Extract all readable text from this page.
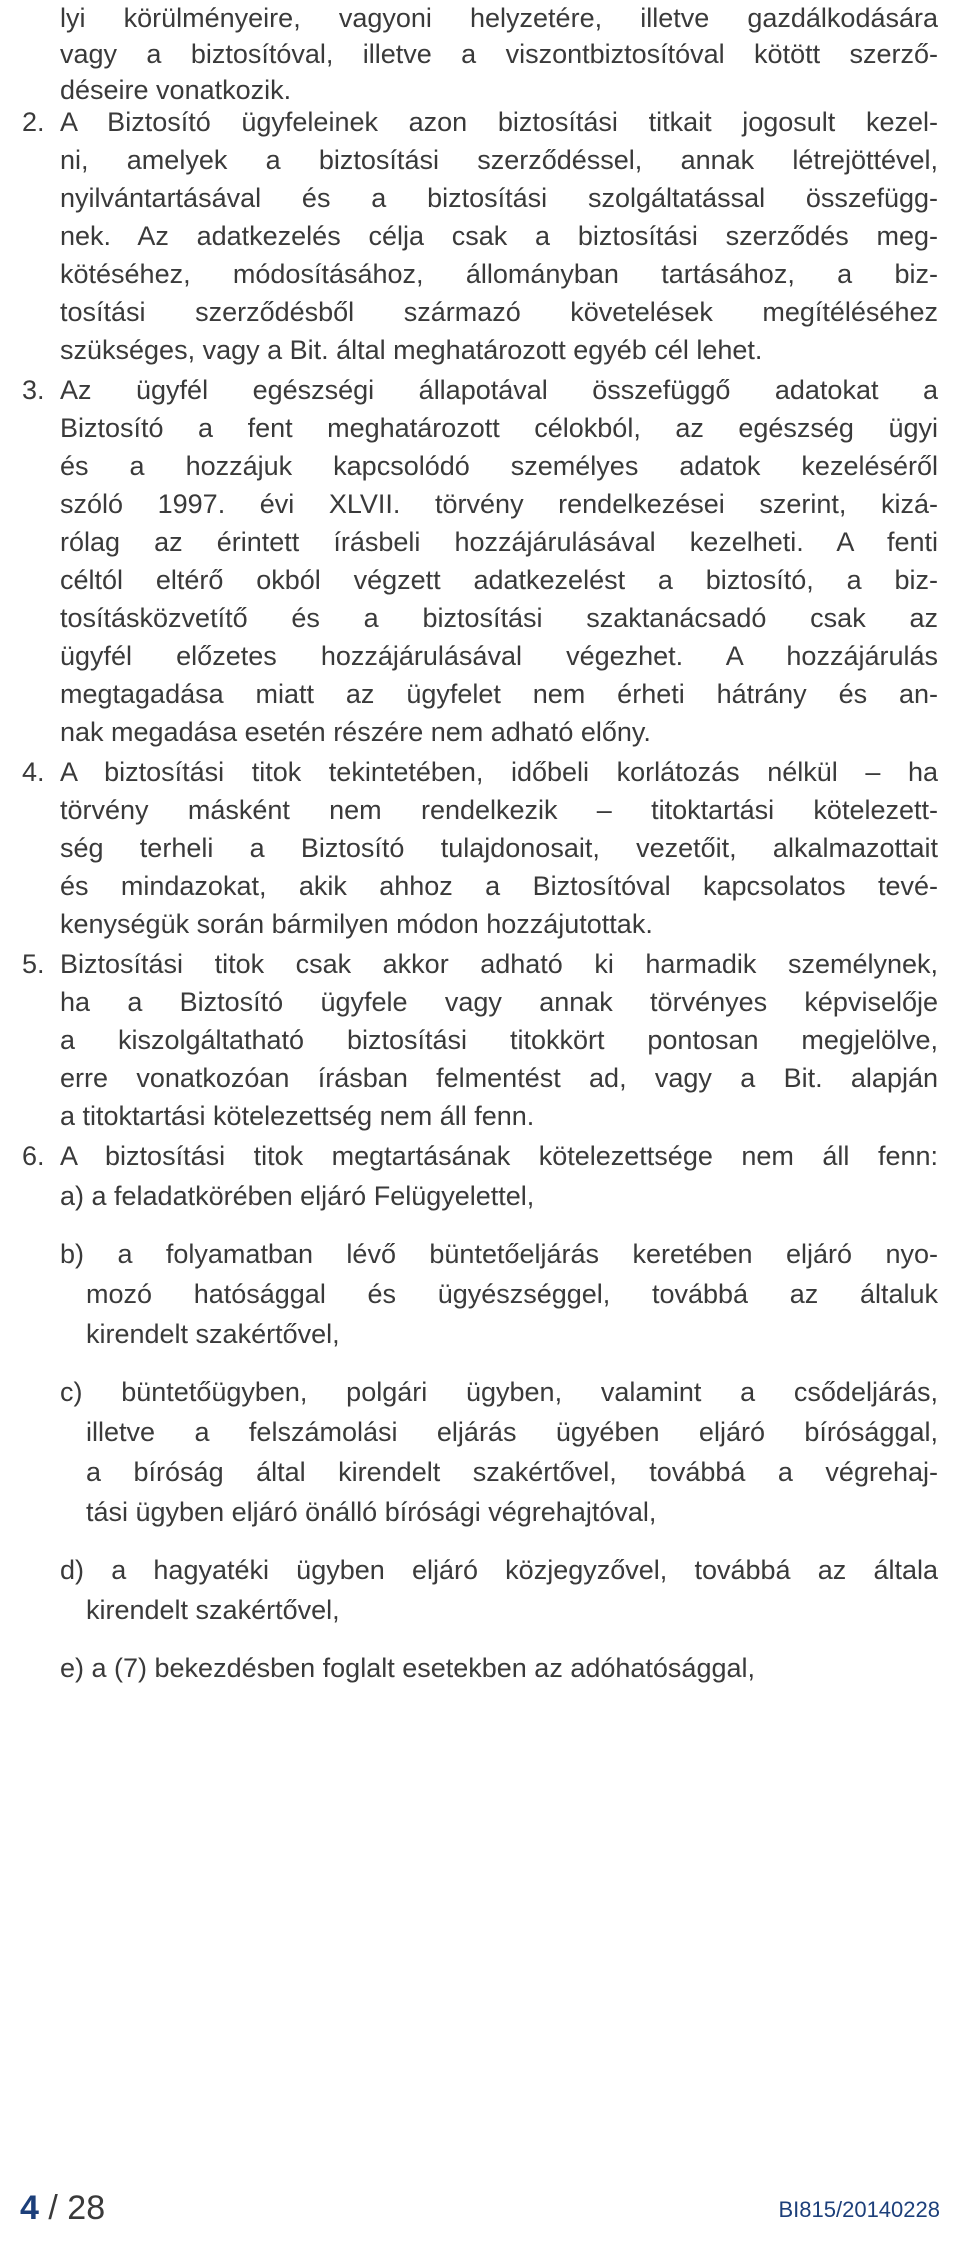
lyi körülményeire, vagyoni helyzetére, illetve gazdálkodására
vagy a biztosítóval, illetve a viszontbiztosítóval kötött szerző-
déseire vonatkozik.
2. A Biztosító ügyfeleinek azon biztosítási titkait jogosult kezel-
ni, amelyek a biztosítási szerződéssel, annak létrejöttével,
nyilvántartásával és a biztosítási szolgáltatással összefügg-
nek. Az adatkezelés célja csak a biztosítási szerződés meg-
kötéséhez, módosításához, állományban tartásához, a biz-
tosítási szerződésből származó követelések megítéléséhez
szükséges, vagy a Bit. által meghatározott egyéb cél lehet.
3. Az ügyfél egészségi állapotával összefüggő adatokat a
Biztosító a fent meghatározott célokból, az egészség ügyi
és a hozzájuk kapcsolódó személyes adatok kezeléséről
szóló 1997. évi XLVII. törvény rendelkezései szerint, kizá-
rólag az érintett írásbeli hozzájárulásával kezelheti. A fenti
céltól eltérő okból végzett adatkezelést a biztosító, a biz-
tosításközvetítő és a biztosítási szaktanácsadó csak az
ügyfél előzetes hozzájárulásával végezhet. A hozzájárulás
megtagadása miatt az ügyfelet nem érheti hátrány és an-
nak megadása esetén részére nem adható előny.
4. A biztosítási titok tekintetében, időbeli korlátozás nélkül – ha
törvény másként nem rendelkezik – titoktartási kötelezett-
ség terheli a Biztosító tulajdonosait, vezetőit, alkalmazottait
és mindazokat, akik ahhoz a Biztosítóval kapcsolatos tevé-
kenységük során bármilyen módon hozzájutottak.
5. Biztosítási titok csak akkor adható ki harmadik személynek,
ha a Biztosító ügyfele vagy annak törvényes képviselője
a kiszolgáltatható biztosítási titokkört pontosan megjelölve,
erre vonatkozóan írásban felmentést ad, vagy a Bit. alapján
a titoktartási kötelezettség nem áll fenn.
6. A biztosítási titok megtartásának kötelezettsége nem áll fenn:
a) a feladatkörében eljáró Felügyelettel,
b) a folyamatban lévő büntetőeljárás keretében eljáró nyo-
mozó hatósággal és ügyészséggel, továbbá az általuk
kirendelt szakértővel,
c) büntetőügyben, polgári ügyben, valamint a csődeljárás,
illetve a felszámolási eljárás ügyében eljáró bírósággal,
a bíróság által kirendelt szakértővel, továbbá a végrehaj-
tási ügyben eljáró önálló bírósági végrehajtóval,
d) a hagyatéki ügyben eljáró közjegyzővel, továbbá az általa
kirendelt szakértővel,
e) a (7) bekezdésben foglalt esetekben az adóhatósággal,
4 / 28	BI815/20140228
